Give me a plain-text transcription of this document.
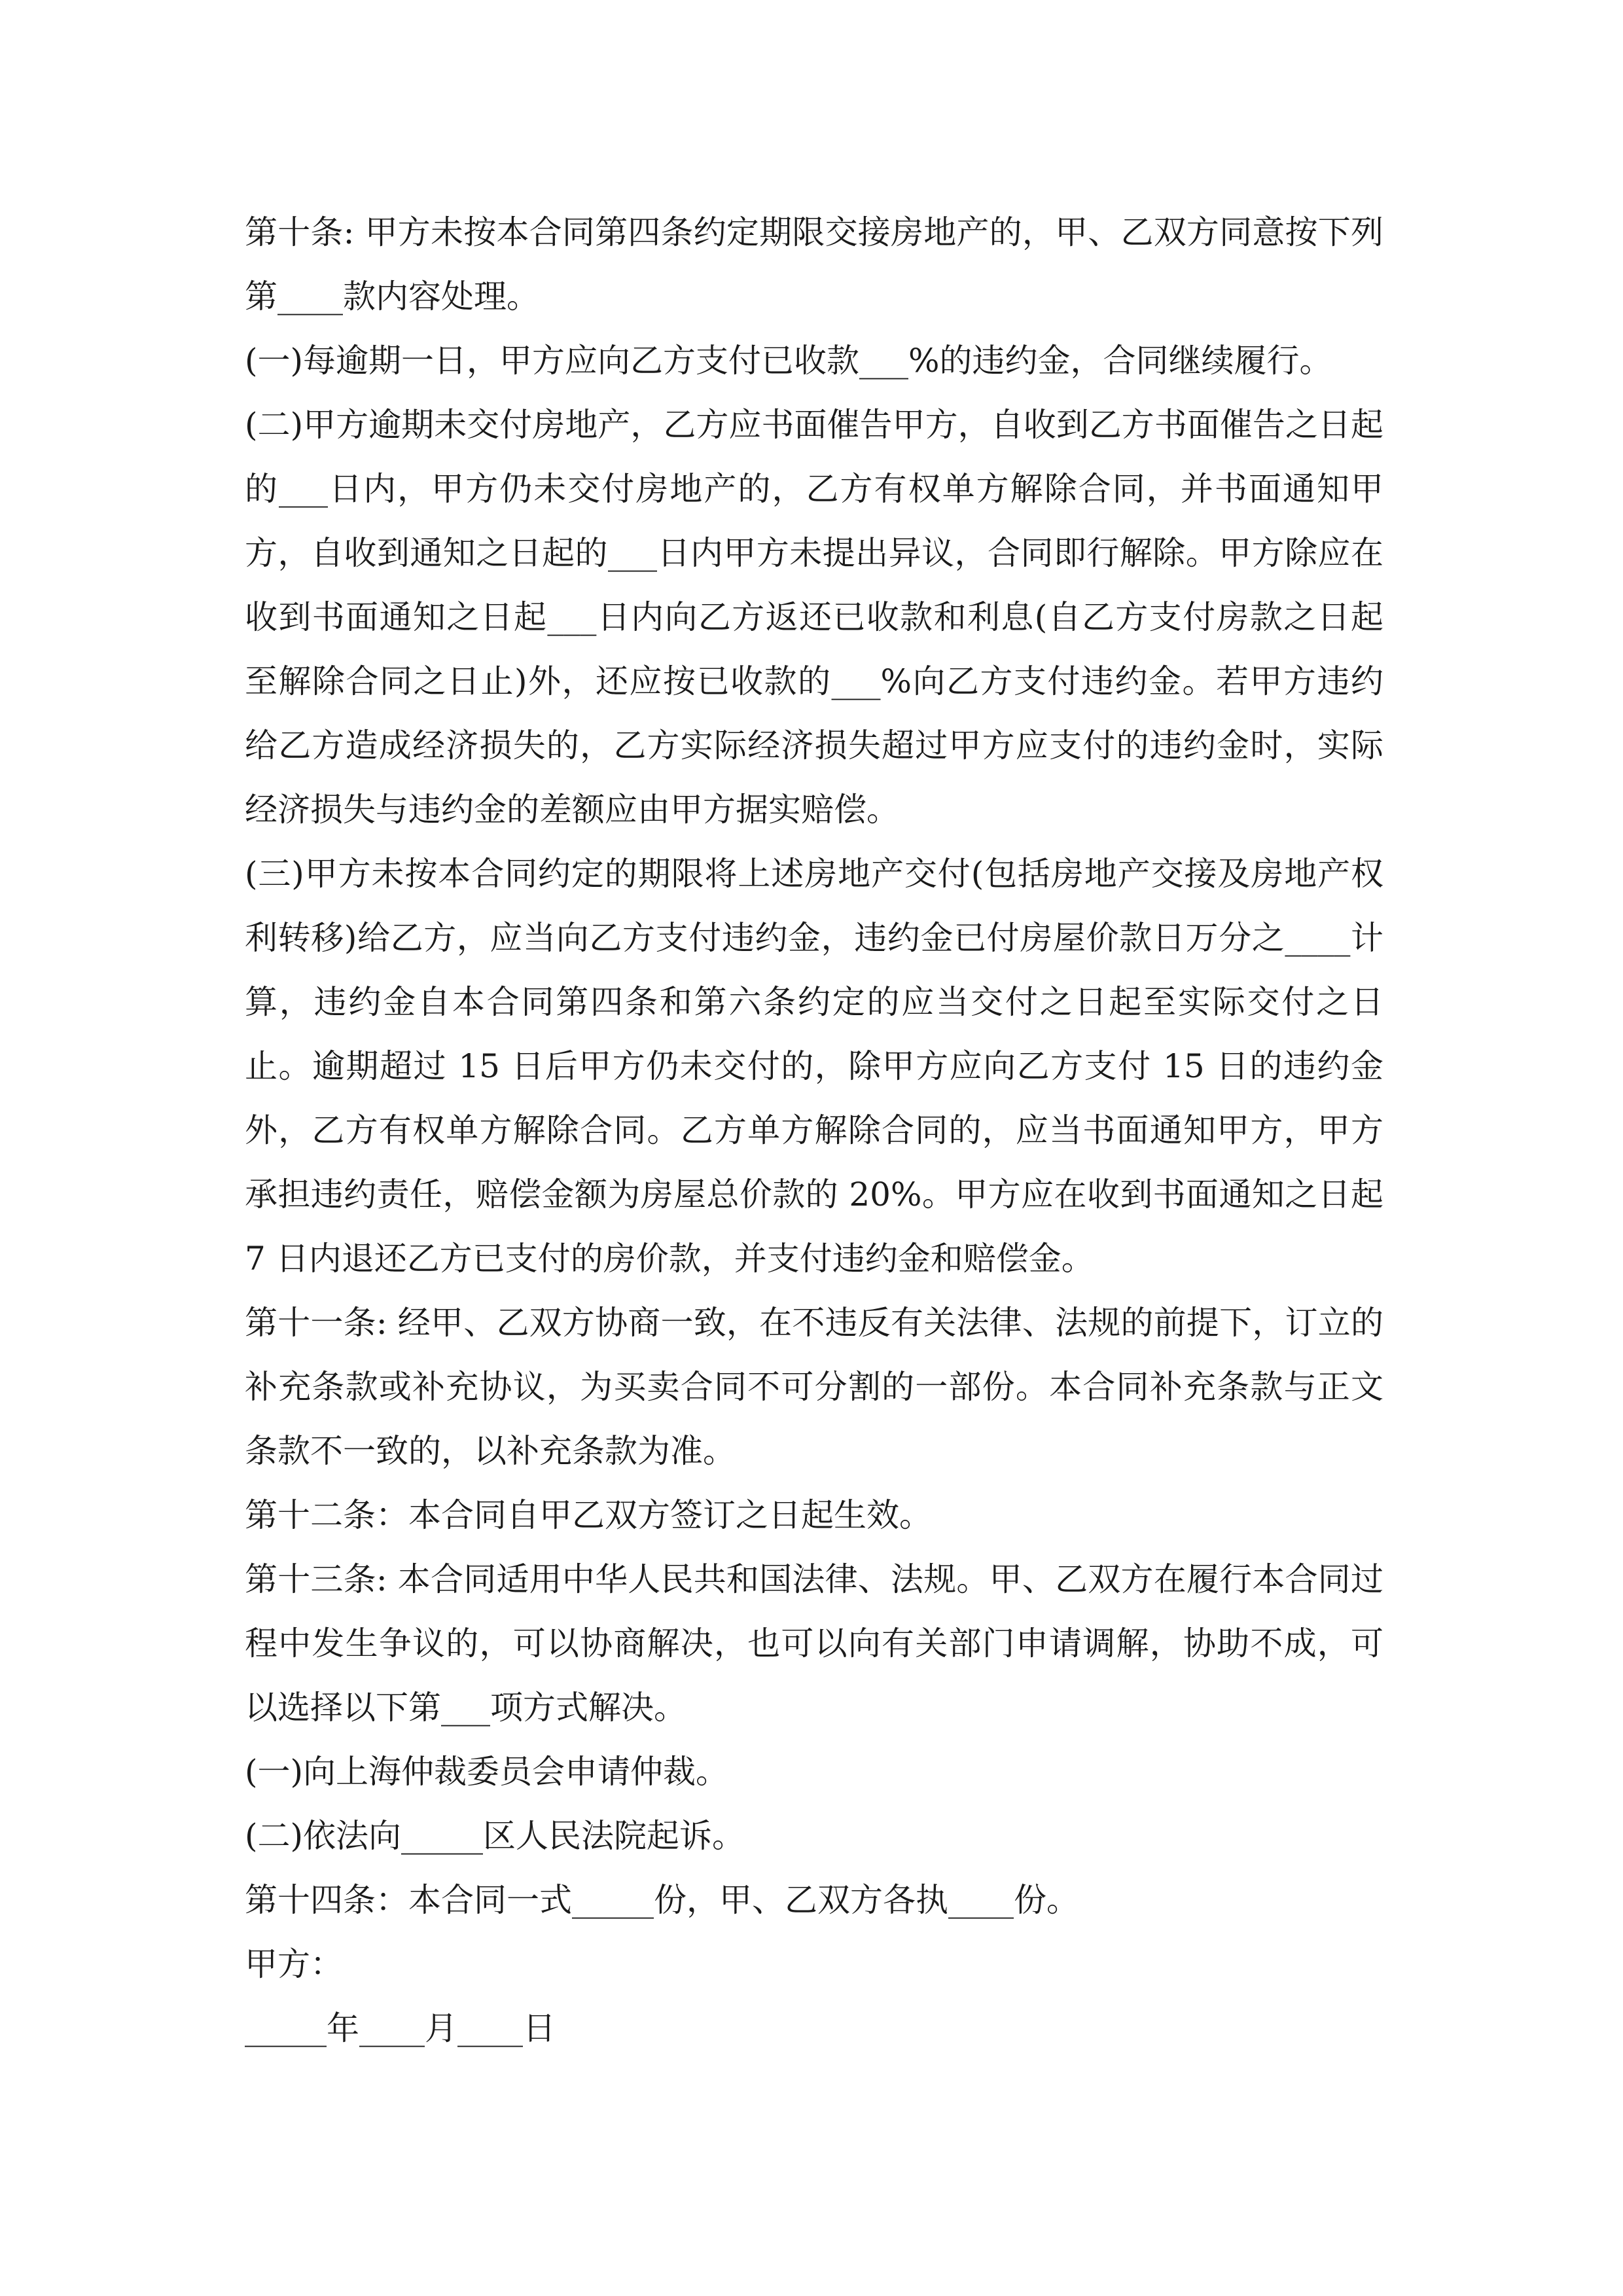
第十条: 甲方未按本合同第四条约定期限交接房地产的，甲、乙双方同意按下列第____款内容处理。

(一)每逾期一日，甲方应向乙方支付已收款___%的违约金，合同继续履行。

(二)甲方逾期未交付房地产，乙方应书面催告甲方，自收到乙方书面催告之日起的___日内，甲方仍未交付房地产的，乙方有权单方解除合同，并书面通知甲方，自收到通知之日起的___日内甲方未提出异议，合同即行解除。甲方除应在收到书面通知之日起___日内向乙方返还已收款和利息(自乙方支付房款之日起至解除合同之日止)外，还应按已收款的___%向乙方支付违约金。若甲方违约给乙方造成经济损失的，乙方实际经济损失超过甲方应支付的违约金时，实际经济损失与违约金的差额应由甲方据实赔偿。

(三)甲方未按本合同约定的期限将上述房地产交付(包括房地产交接及房地产权利转移)给乙方，应当向乙方支付违约金，违约金已付房屋价款日万分之____计算，违约金自本合同第四条和第六条约定的应当交付之日起至实际交付之日止。逾期超过 15 日后甲方仍未交付的，除甲方应向乙方支付 15 日的违约金外，乙方有权单方解除合同。乙方单方解除合同的，应当书面通知甲方，甲方承担违约责任，赔偿金额为房屋总价款的 20%。甲方应在收到书面通知之日起 7 日内退还乙方已支付的房价款，并支付违约金和赔偿金。

第十一条: 经甲、乙双方协商一致，在不违反有关法律、法规的前提下，订立的补充条款或补充协议，为买卖合同不可分割的一部份。本合同补充条款与正文条款不一致的，以补充条款为准。

第十二条：本合同自甲乙双方签订之日起生效。

第十三条: 本合同适用中华人民共和国法律、法规。甲、乙双方在履行本合同过程中发生争议的，可以协商解决，也可以向有关部门申请调解，协助不成，可以选择以下第___项方式解决。

(一)向上海仲裁委员会申请仲裁。

(二)依法向_____区人民法院起诉。

第十四条：本合同一式_____份，甲、乙双方各执____份。

甲方：

_____年____月____日
